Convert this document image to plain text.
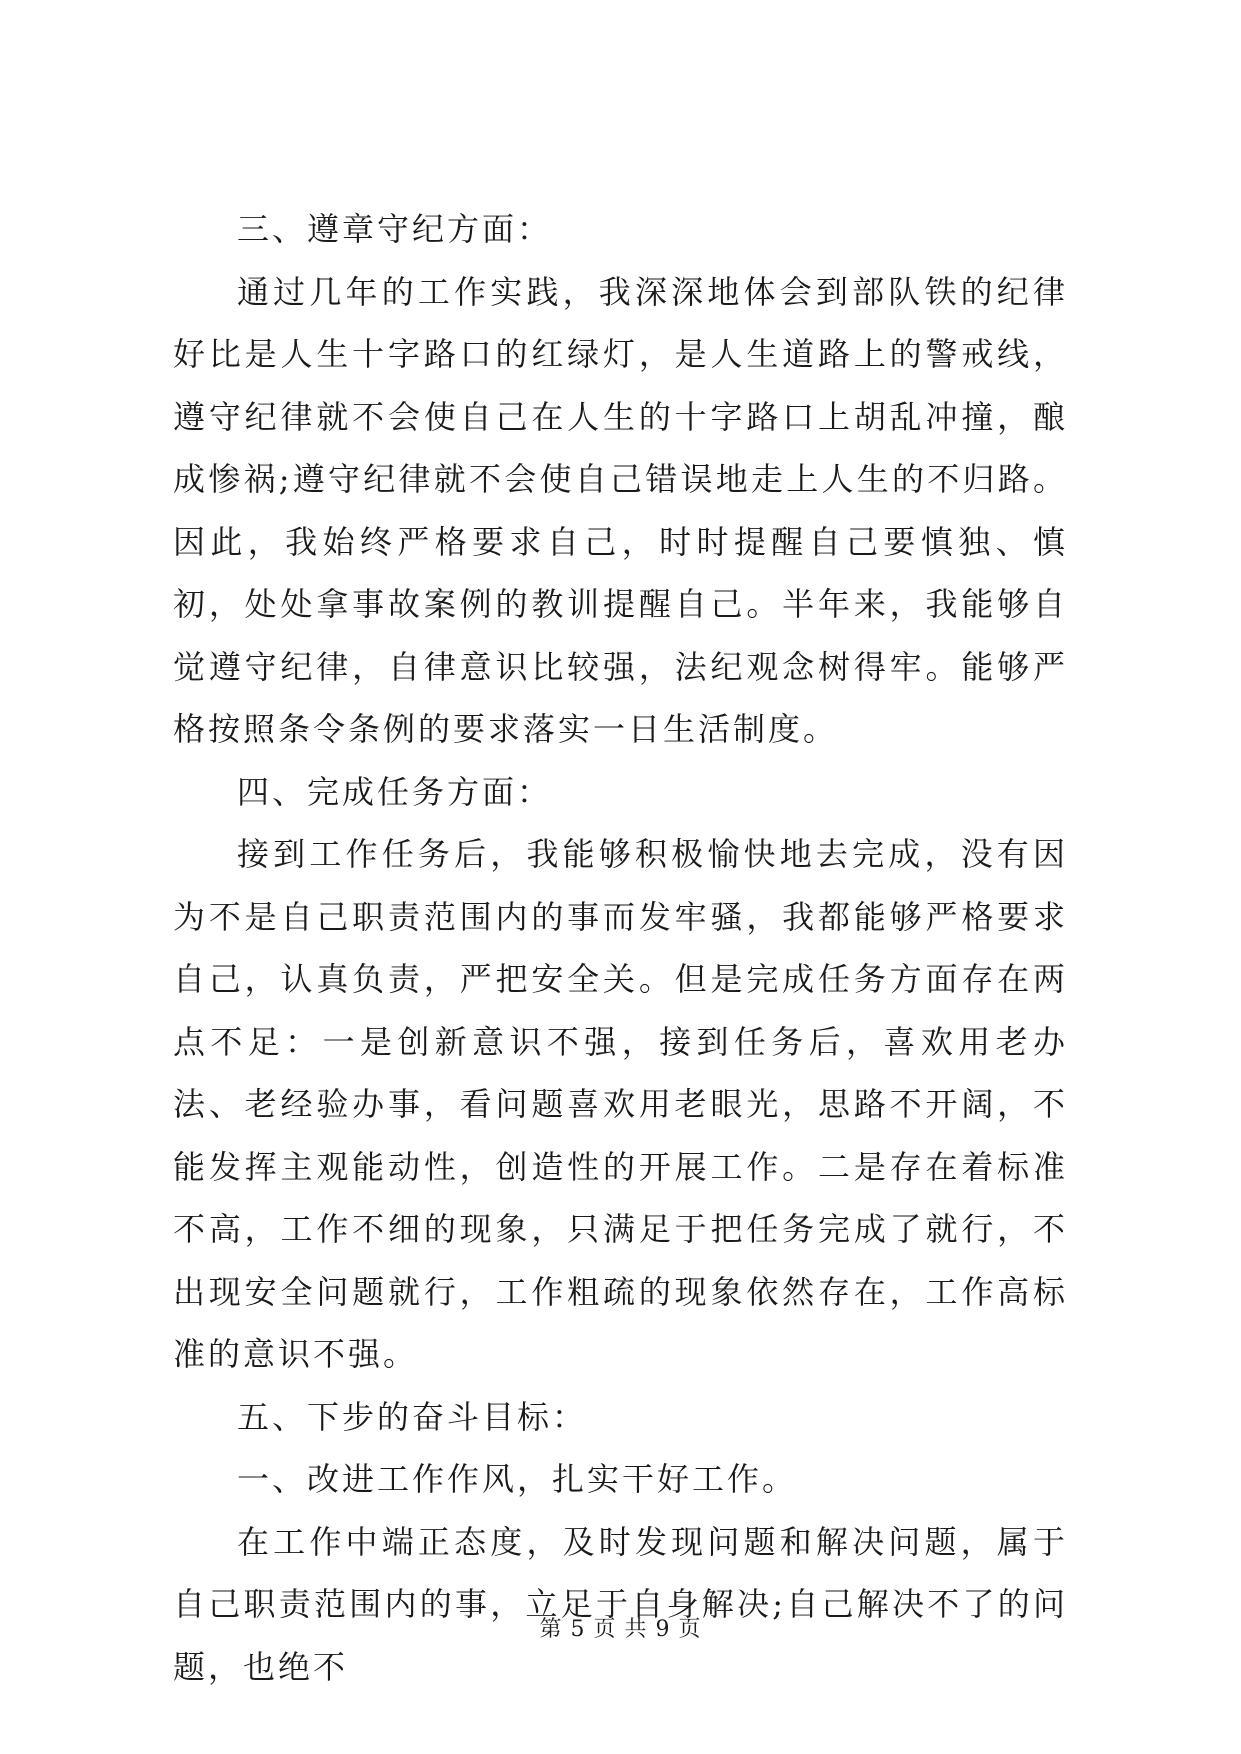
三、遵章守纪方面：

通过几年的工作实践，我深深地体会到部队铁的纪律好比是人生十字路口的红绿灯，是人生道路上的警戒线，遵守纪律就不会使自己在人生的十字路口上胡乱冲撞，酿成惨祸;遵守纪律就不会使自己错误地走上人生的不归路。因此，我始终严格要求自己，时时提醒自己要慎独、慎初，处处拿事故案例的教训提醒自己。半年来，我能够自觉遵守纪律，自律意识比较强，法纪观念树得牢。能够严格按照条令条例的要求落实一日生活制度。

四、完成任务方面：

接到工作任务后，我能够积极愉快地去完成，没有因为不是自己职责范围内的事而发牢骚，我都能够严格要求自己，认真负责，严把安全关。但是完成任务方面存在两点不足：一是创新意识不强，接到任务后，喜欢用老办法、老经验办事，看问题喜欢用老眼光，思路不开阔，不能发挥主观能动性，创造性的开展工作。二是存在着标准不高，工作不细的现象，只满足于把任务完成了就行，不出现安全问题就行，工作粗疏的现象依然存在，工作高标准的意识不强。

五、下步的奋斗目标：

一、改进工作作风，扎实干好工作。

在工作中端正态度，及时发现问题和解决问题，属于自己职责范围内的事，立足于自身解决;自己解决不了的问题，也绝不

第 5 页 共 9 页
